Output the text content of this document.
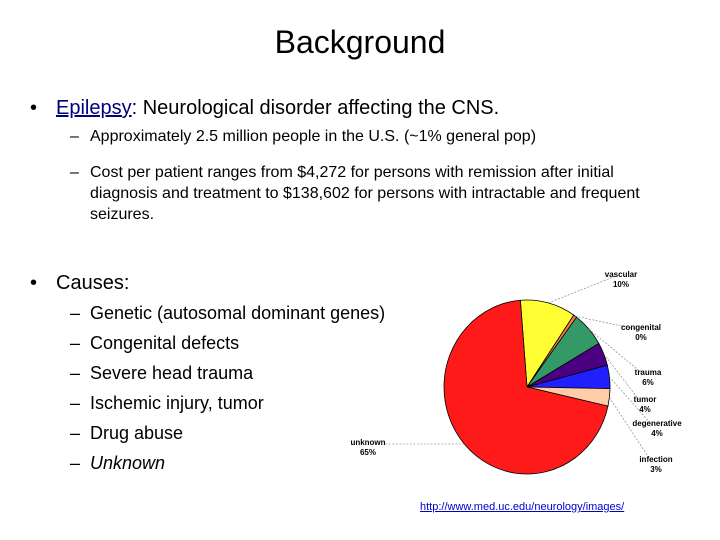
Background
• Epilepsy: Neurological disorder affecting the CNS.
– Approximately 2.5 million people in the U.S. (~1% general pop)
– Cost per patient ranges from $4,272 for persons with remission after initial diagnosis and treatment to $138,602 for persons with intractable and frequent seizures.
• Causes:
– Genetic (autosomal dominant genes)
– Congenital defects
– Severe head trauma
– Ischemic injury, tumor
– Drug abuse
– Unknown
vascular
10%
congenital
0%
trauma
6%
tumor
4%
degenerative
4%
infection
3%
unknown
65%
http://www.med.uc.edu/neurology/images/
